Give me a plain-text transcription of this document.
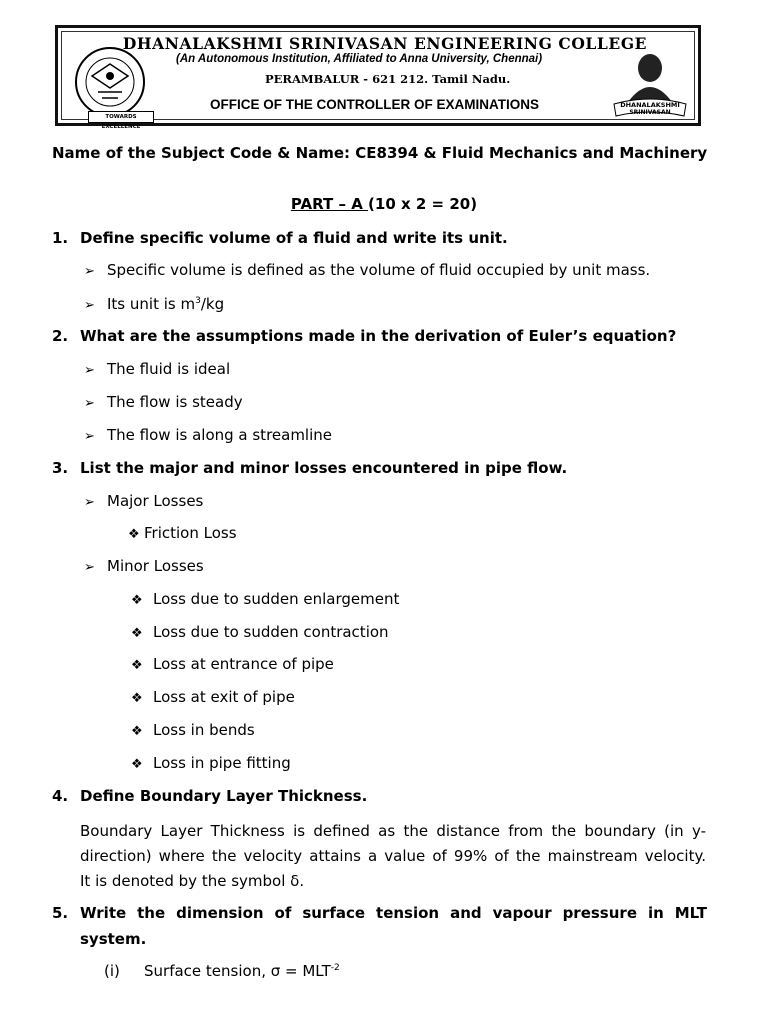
TOWARDS EXCELLENCE
DHANALAKSHMI SRINIVASAN ENGINEERING COLLEGE
(An Autonomous Institution, Affiliated to Anna University, Chennai)
PERAMBALUR - 621 212. Tamil Nadu.
OFFICE OF THE CONTROLLER OF EXAMINATIONS	DHANALAKSHMI
SRINIVASAN
Name of the Subject Code & Name: CE8394 & Fluid Mechanics and Machinery
PART – A (10 x 2 = 20)
1. Define specific volume of a fluid and write its unit.
➢ Specific volume is defined as the volume of fluid occupied by unit mass.
➢ Its unit is $m^3/kg$
2. What are the assumptions made in the derivation of Euler’s equation?
➢ The fluid is ideal
➢ The flow is steady
➢ The flow is along a streamline
3. List the major and minor losses encountered in pipe flow.
➢ Major Losses
❖ Friction Loss
➢ Minor Losses
❖ Loss due to sudden enlargement
❖ Loss due to sudden contraction
❖ Loss at entrance of pipe
❖ Loss at exit of pipe
❖ Loss in bends
❖ Loss in pipe fitting
4. Define Boundary Layer Thickness.
Boundary Layer Thickness is defined as the distance from the boundary (in y-
direction) where the velocity attains a value of 99% of the mainstream velocity.
It is denoted by the symbol δ.
5. Write the dimension of surface tension and vapour pressure in MLT system.
(i) Surface tension, $\sigma = MLT^{-2}$
